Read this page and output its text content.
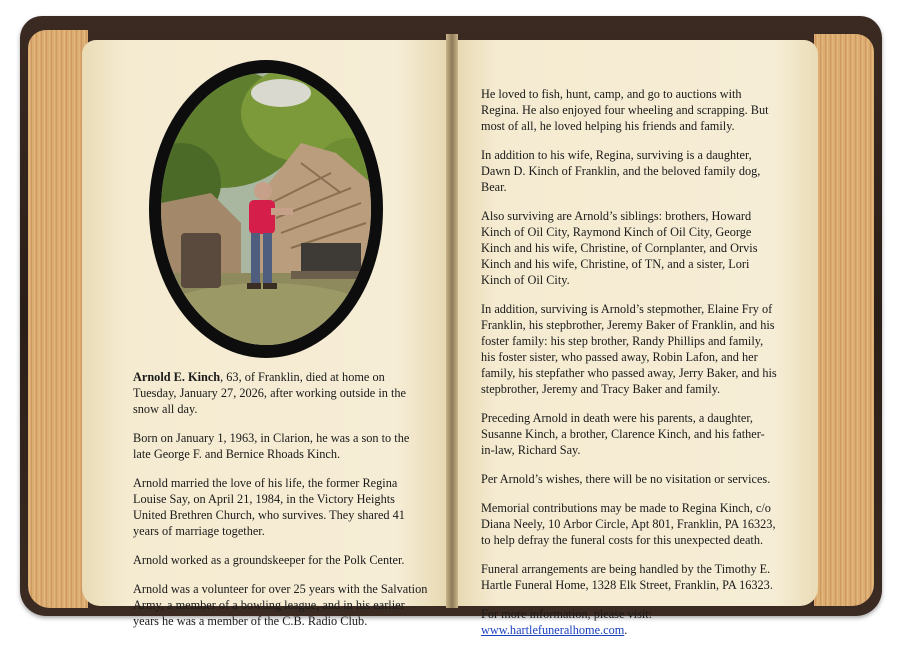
Arnold E. Kinch, 63, of Franklin, died at home on Tuesday, January 27, 2026, after working outside in the snow all day.

Born on January 1, 1963, in Clarion, he was a son to the late George F. and Bernice Rhoads Kinch.

Arnold married the love of his life, the former Regina Louise Say, on April 21, 1984, in the Victory Heights United Brethren Church, who survives. They shared 41 years of marriage together.

Arnold worked as a groundskeeper for the Polk Center.

Arnold was a volunteer for over 25 years with the Salvation Army, a member of a bowling league, and in his earlier years he was a member of the C.B. Radio Club.

He loved to fish, hunt, camp, and go to auctions with Regina. He also enjoyed four wheeling and scrapping. But most of all, he loved helping his friends and family.

In addition to his wife, Regina, surviving is a daughter, Dawn D. Kinch of Franklin, and the beloved family dog, Bear.

Also surviving are Arnold’s siblings: brothers, Howard Kinch of Oil City, Raymond Kinch of Oil City, George Kinch and his wife, Christine, of Cornplanter, and Orvis Kinch and his wife, Christine, of TN, and a sister, Lori Kinch of Oil City.

In addition, surviving is Arnold’s stepmother, Elaine Fry of Franklin, his stepbrother, Jeremy Baker of Franklin, and his foster family: his step brother, Randy Phillips and family, his foster sister, who passed away, Robin Lafon, and her family, his stepfather who passed away, Jerry Baker, and his stepbrother, Jeremy and Tracy Baker and family.

Preceding Arnold in death were his parents, a daughter, Susanne Kinch, a brother, Clarence Kinch, and his father-in-law, Richard Say.

Per Arnold’s wishes, there will be no visitation or services.

Memorial contributions may be made to Regina Kinch, c/o Diana Neely, 10 Arbor Circle, Apt 801, Franklin, PA 16323, to help defray the funeral costs for this unexpected death.

Funeral arrangements are being handled by the Timothy E. Hartle Funeral Home, 1328 Elk Street, Franklin, PA 16323.

For more information, please visit:
www.hartlefuneralhome.com.
